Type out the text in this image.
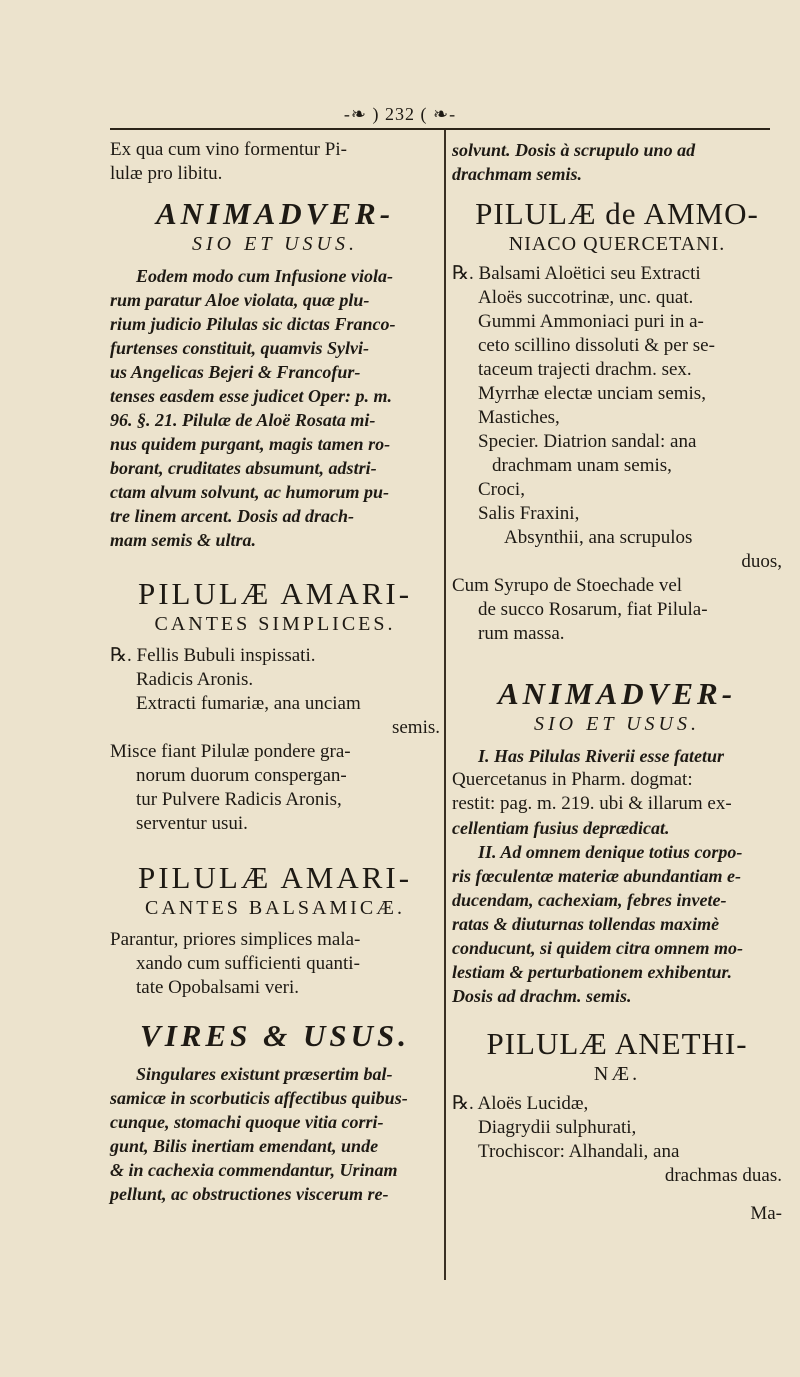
-❧ ) 232 ( ❧-

Ex qua cum vino formentur Pi-

lulæ pro libitu.

ANIMADVER-

SIO ET USUS.

Eodem modo cum Infusione viola-

rum paratur Aloe violata, quæ plu-

rium judicio Pilulas sic dictas Franco-

furtenses constituit, quamvis Sylvi-

us Angelicas Bejeri & Francofur-

tenses easdem esse judicet Oper: p. m.

96. §. 21. Pilulæ de Aloë Rosata mi-

nus quidem purgant, magis tamen ro-

borant, cruditates absumunt, adstri-

ctam alvum solvunt, ac humorum pu-

tre linem arcent. Dosis ad drach-

mam semis & ultra.

PILULÆ AMARI-

CANTES SIMPLICES.

℞. Fellis Bubuli inspissati.

Radicis Aronis.

Extracti fumariæ, ana unciam

semis.

Misce fiant Pilulæ pondere gra-

norum duorum conspergan-

tur Pulvere Radicis Aronis,

serventur usui.

PILULÆ AMARI-

CANTES BALSAMICÆ.

Parantur, priores simplices mala-

xando cum sufficienti quanti-

tate Opobalsami veri.

VIRES & USUS.

Singulares existunt præsertim bal-

samicæ in scorbuticis affectibus quibus-

cunque, stomachi quoque vitia corri-

gunt, Bilis inertiam emendant, unde

& in cachexia commendantur, Urinam

pellunt, ac obstructiones viscerum re-

solvunt. Dosis à scrupulo uno ad

drachmam semis.

PILULÆ de AMMO-

NIACO QUERCETANI.

℞. Balsami Aloëtici seu Extracti

Aloës succotrinæ, unc. quat.

Gummi Ammoniaci puri in a-

ceto scillino dissoluti & per se-

taceum trajecti drachm. sex.

Myrrhæ electæ unciam semis,

Mastiches,

Specier. Diatrion sandal: ana

drachmam unam semis,

Croci,

Salis Fraxini,

Absynthii, ana scrupulos

duos,

Cum Syrupo de Stoechade vel

de succo Rosarum, fiat Pilula-

rum massa.

ANIMADVER-

SIO ET USUS.

I. Has Pilulas Riverii esse fatetur

Quercetanus in Pharm. dogmat:

restit: pag. m. 219. ubi & illarum ex-

cellentiam fusius deprædicat.

II. Ad omnem denique totius corpo-

ris fœculentæ materiæ abundantiam e-

ducendam, cachexiam, febres invete-

ratas & diuturnas tollendas maximè

conducunt, si quidem citra omnem mo-

lestiam & perturbationem exhibentur.

Dosis ad drachm. semis.

PILULÆ ANETHI-

NÆ.

℞. Aloës Lucidæ,

Diagrydii sulphurati,

Trochiscor: Alhandali, ana

drachmas duas.

Ma-
